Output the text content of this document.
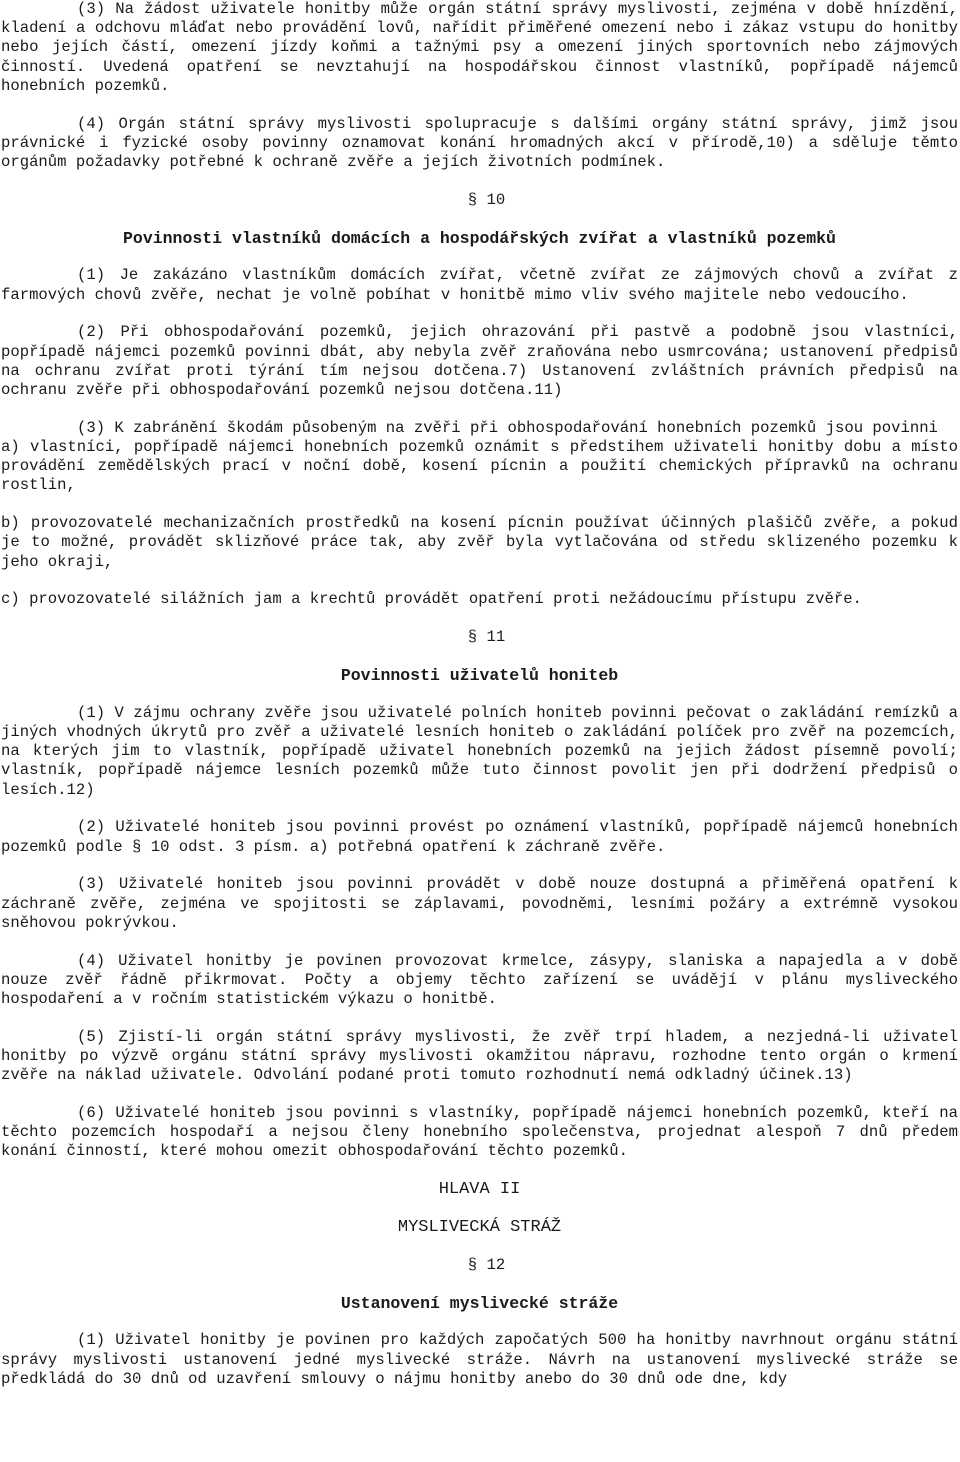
(3) Na žádost uživatele honitby může orgán státní správy myslivosti, zejména v době hnízdění, kladení a odchovu mláďat nebo provádění lovů, nařídit přiměřené omezení nebo i zákaz vstupu do honitby nebo jejích částí, omezení jízdy koňmi a tažnými psy a omezení jiných sportovních nebo zájmových činností. Uvedená opatření se nevztahují na hospodářskou činnost vlastníků, popřípadě nájemců honebních pozemků.

(4) Orgán státní správy myslivosti spolupracuje s dalšími orgány státní správy, jimž jsou právnické i fyzické osoby povinny oznamovat konání hromadných akcí v přírodě,10) a sděluje těmto orgánům požadavky potřebné k ochraně zvěře a jejích životních podmínek.

§ 10

Povinnosti vlastníků domácích a hospodářských zvířat a vlastníků pozemků

(1) Je zakázáno vlastníkům domácích zvířat, včetně zvířat ze zájmových chovů a zvířat z farmových chovů zvěře, nechat je volně pobíhat v honitbě mimo vliv svého majitele nebo vedoucího.

(2) Při obhospodařování pozemků, jejich ohrazování při pastvě a podobně jsou vlastníci, popřípadě nájemci pozemků povinni dbát, aby nebyla zvěř zraňována nebo usmrcována; ustanovení předpisů na ochranu zvířat proti týrání tím nejsou dotčena.7) Ustanovení zvláštních právních předpisů na ochranu zvěře při obhospodařování pozemků nejsou dotčena.11)

(3) K zabránění škodám působeným na zvěři při obhospodařování honebních pozemků jsou povinni

a) vlastníci, popřípadě nájemci honebních pozemků oznámit s předstihem uživateli honitby dobu a místo provádění zemědělských prací v noční době, kosení pícnin a použití chemických přípravků na ochranu rostlin,

b) provozovatelé mechanizačních prostředků na kosení pícnin používat účinných plašičů zvěře, a pokud je to možné, provádět sklizňové práce tak, aby zvěř byla vytlačována od středu sklizeného pozemku k jeho okraji,

c) provozovatelé silážních jam a krechtů provádět opatření proti nežádoucímu přístupu zvěře.

§ 11

Povinnosti uživatelů honiteb

(1) V zájmu ochrany zvěře jsou uživatelé polních honiteb povinni pečovat o zakládání remízků a jiných vhodných úkrytů pro zvěř a uživatelé lesních honiteb o zakládání políček pro zvěř na pozemcích, na kterých jim to vlastník, popřípadě uživatel honebních pozemků na jejich žádost písemně povolí; vlastník, popřípadě nájemce lesních pozemků může tuto činnost povolit jen při dodržení předpisů o lesích.12)

(2) Uživatelé honiteb jsou povinni provést po oznámení vlastníků, popřípadě nájemců honebních pozemků podle § 10 odst. 3 písm. a) potřebná opatření k záchraně zvěře.

(3) Uživatelé honiteb jsou povinni provádět v době nouze dostupná a přiměřená opatření k záchraně zvěře, zejména ve spojitosti se záplavami, povodněmi, lesními požáry a extrémně vysokou sněhovou pokrývkou.

(4) Uživatel honitby je povinen provozovat krmelce, zásypy, slaniska a napajedla a v době nouze zvěř řádně přikrmovat. Počty a objemy těchto zařízení se uvádějí v plánu mysliveckého hospodaření a v ročním statistickém výkazu o honitbě.

(5) Zjistí-li orgán státní správy myslivosti, že zvěř trpí hladem, a nezjedná-li uživatel honitby po výzvě orgánu státní správy myslivosti okamžitou nápravu, rozhodne tento orgán o krmení zvěře na náklad uživatele. Odvolání podané proti tomuto rozhodnutí nemá odkladný účinek.13)

(6) Uživatelé honiteb jsou povinni s vlastníky, popřípadě nájemci honebních pozemků, kteří na těchto pozemcích hospodaří a nejsou členy honebního společenstva, projednat alespoň 7 dnů předem konání činností, které mohou omezit obhospodařování těchto pozemků.

HLAVA II

MYSLIVECKÁ STRÁŽ

§ 12

Ustanovení myslivecké stráže

(1) Uživatel honitby je povinen pro každých započatých 500 ha honitby navrhnout orgánu státní správy myslivosti ustanovení jedné myslivecké stráže. Návrh na ustanovení myslivecké stráže se předkládá do 30 dnů od uzavření smlouvy o nájmu honitby anebo do 30 dnů ode dne, kdy
